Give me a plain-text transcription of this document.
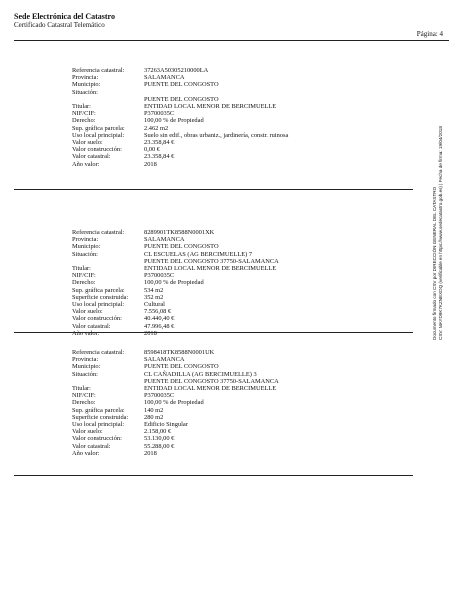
Sede Electrónica del Catastro
Certificado Catastral Telemático
Página: 4
Referencia catastral:	37263A50305210000LA
Provincia:	SALAMANCA
Municipio:	PUENTE DEL CONGOSTO
Situación:
PUENTE DEL CONGOSTO
Titular:	ENTIDAD LOCAL MENOR DE BERCIMUELLE
NIF/CIF:	P3700035C
Derecho:	100,00 % de Propiedad
Sup. gráfica parcela:	2.462 m2
Uso local principial:	Suelo sin edif., obras urbaniz., jardinería, constr. ruinosa
Valor suelo:	23.358,84 €
Valor construcción:	0,00 €
Valor catastral:	23.358,84 €
Año valor:	2018
Referencia catastral:	8289901TK8588N0001XK
Provincia:	SALAMANCA
Municipio:	PUENTE DEL CONGOSTO
Situación:	CL ESCUELAS (AG BERCIMUELLE) 7
PUENTE DEL CONGOSTO 37750-SALAMANCA
Titular:	ENTIDAD LOCAL MENOR DE BERCIMUELLE
NIF/CIF:	P3700035C
Derecho:	100,00 % de Propiedad
Sup. gráfica parcela:	534 m2
Superficie construida:	352 m2
Uso local principial:	Cultural
Valor suelo:	7.556,08 €
Valor construcción:	40.440,40 €
Valor catastral:	47.996,48 €
Año valor:	2018
Referencia catastral:	8598418TK8588N0001UK
Provincia:	SALAMANCA
Municipio:	PUENTE DEL CONGOSTO
Situación:	CL CAÑADILLA (AG BERCIMUELLE) 3
PUENTE DEL CONGOSTO 37750-SALAMANCA
Titular:	ENTIDAD LOCAL MENOR DE BERCIMUELLE
NIF/CIF:	P3700035C
Derecho:	100,00 % de Propiedad
Sup. gráfica parcela:	140 m2
Superficie construida:	280 m2
Uso local principial:	Edificio Singular
Valor suelo:	2.158,00 €
Valor construcción:	53.130,00 €
Valor catastral:	55.288,00 €
Año valor:	2018
Documento firmado con CSV por DIRECCIÓN GENERAL DEL CATASTRO CSV: MAYD9K7KZNEXDQ (verificable en https://www.sedecatastro.gob.es) | Fecha de firma: 19/04/2018
